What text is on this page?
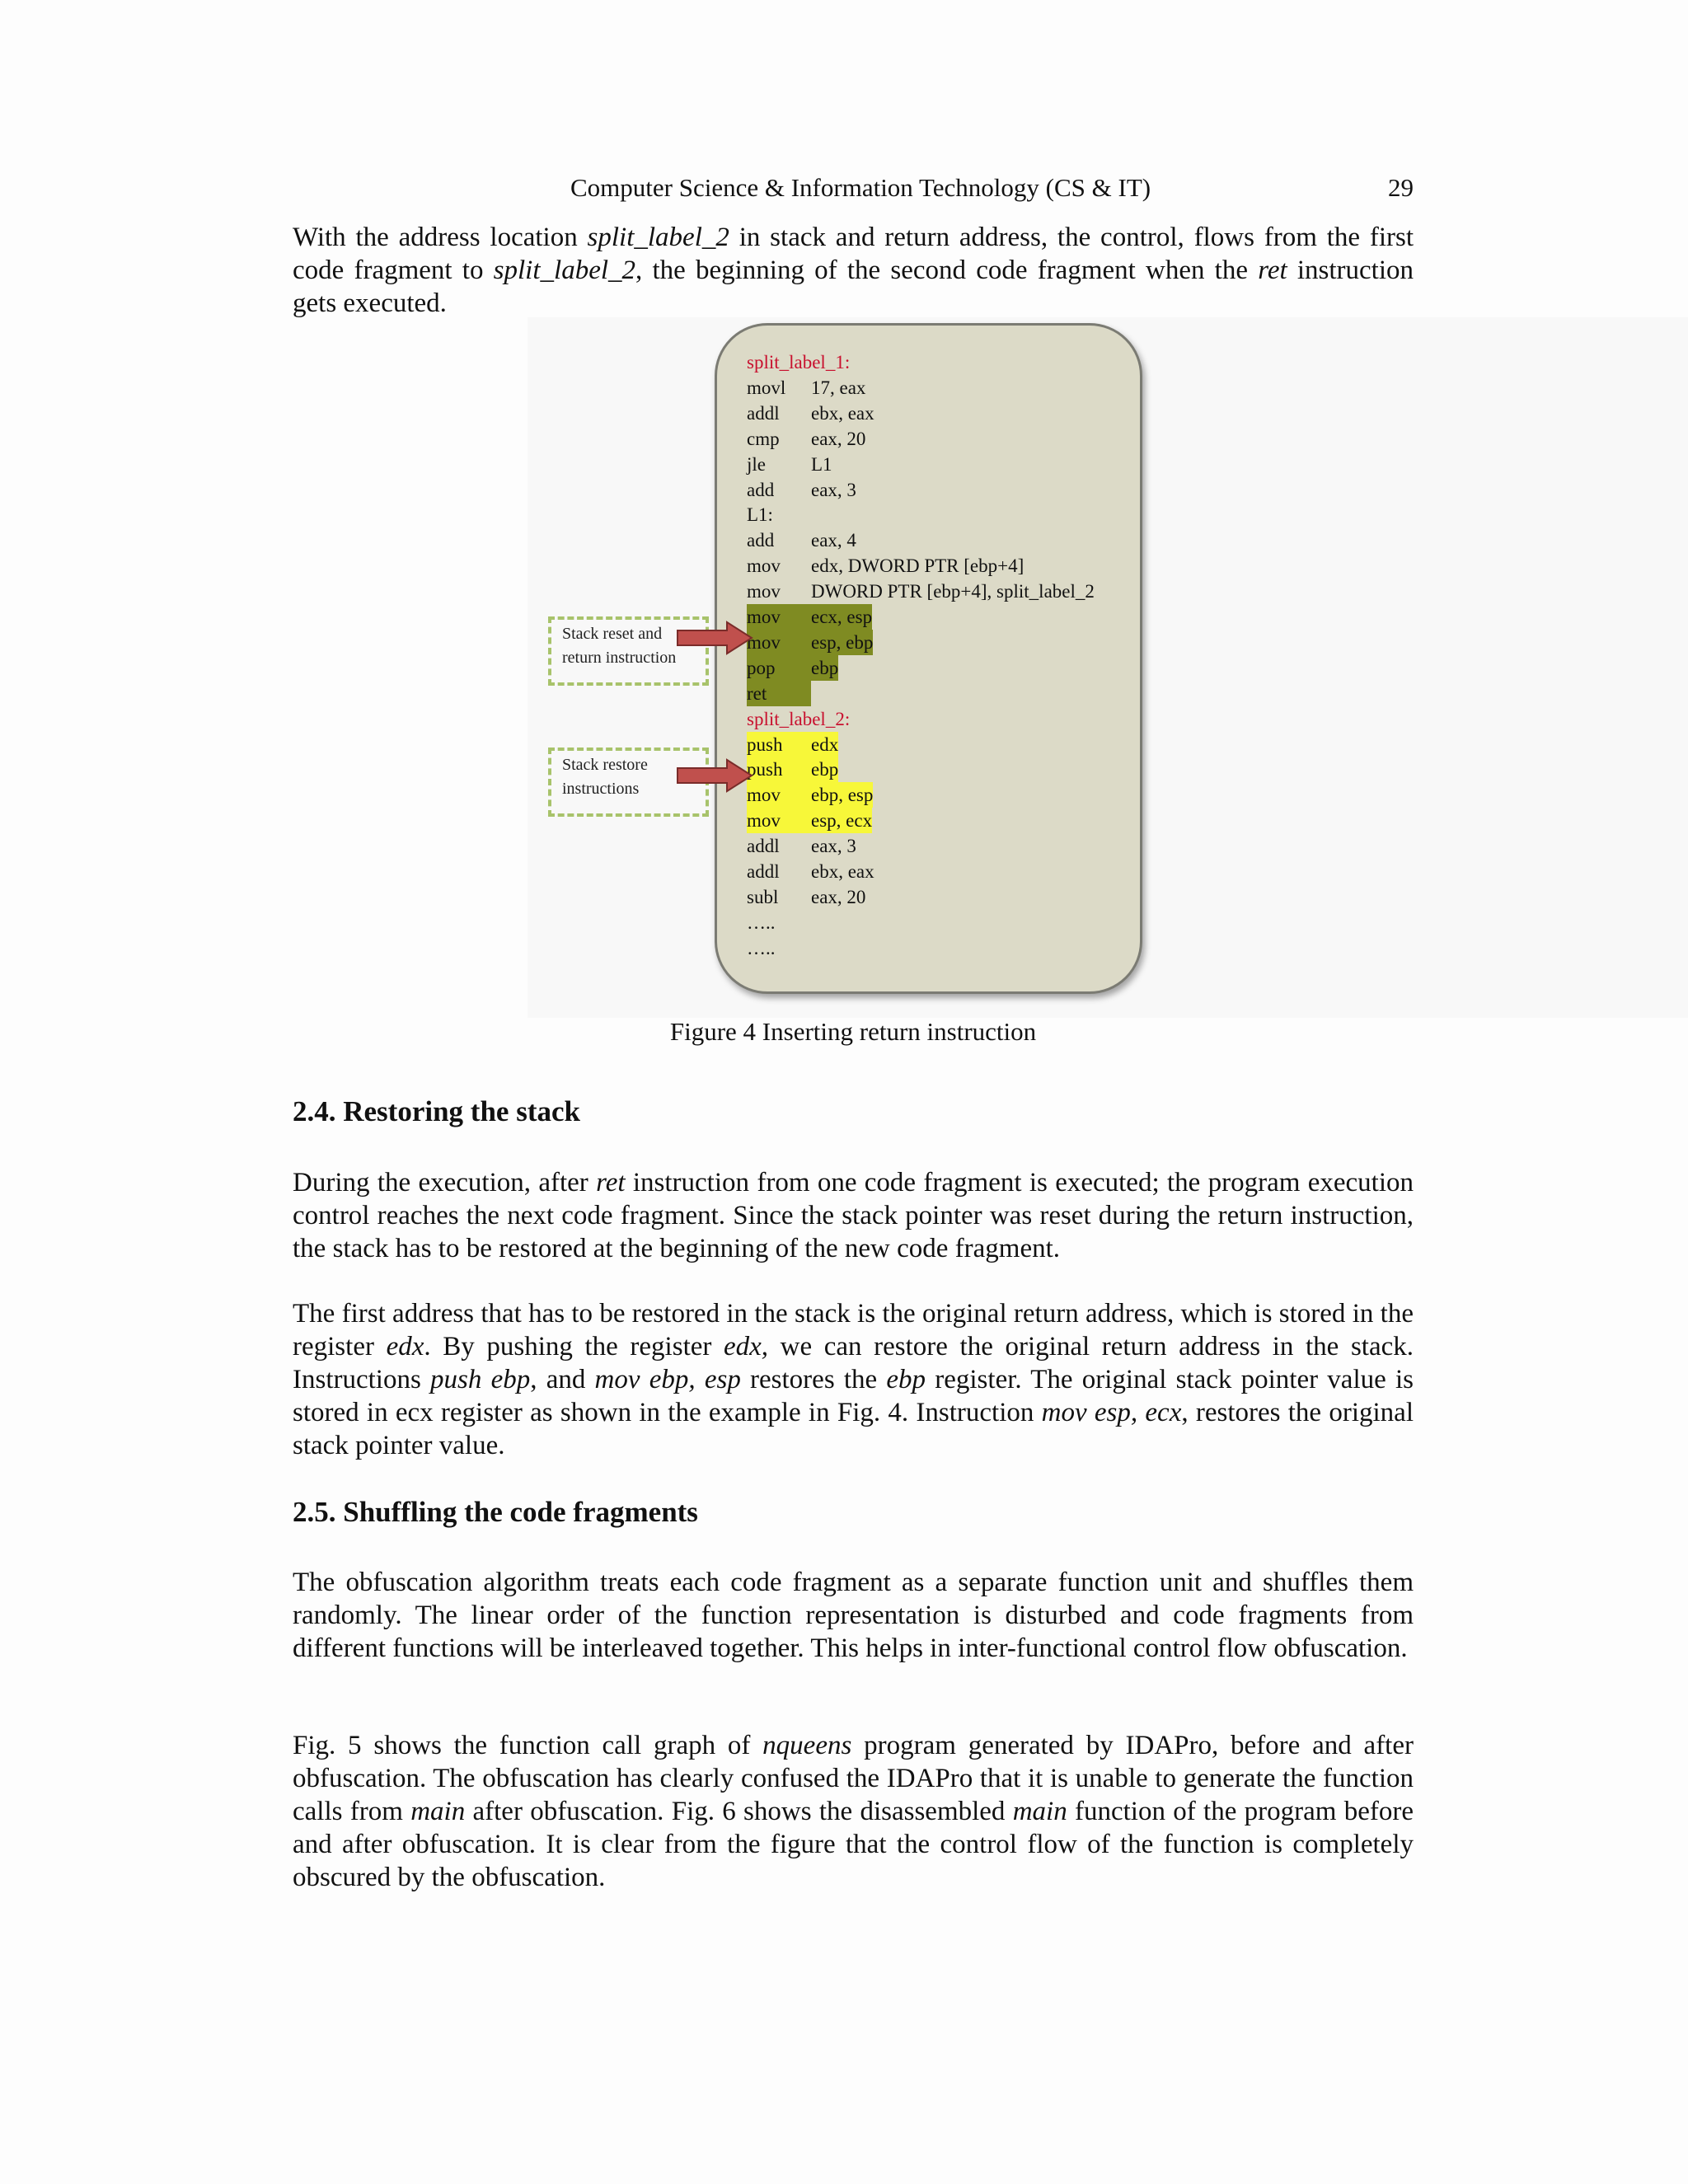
Computer Science & Information Technology (CS & IT)	29
With the address location split_label_2 in stack and return address, the control, flows from the first code fragment to split_label_2, the beginning of the second code fragment when the ret instruction gets executed.
split_label_1:
movl	17, eax
addl	ebx, eax
cmp	eax, 20
jle	L1
add	eax, 3
L1:
add	eax, 4
mov	edx, DWORD PTR [ebp+4]
mov	DWORD PTR [ebp+4], split_label_2
mov	ecx, esp
mov	esp, ebp
pop	ebp
ret
split_label_2:
push	edx
push	ebp
mov	ebp, esp
mov	esp, ecx
addl	eax, 3
addl	ebx, eax
subl	eax, 20
…..
…..
Stack reset and
return instruction
Stack restore
instructions
Figure 4 Inserting return instruction
2.4. Restoring the stack
During the execution, after ret instruction from one code fragment is executed; the program execution control reaches the next code fragment. Since the stack pointer was reset during the return instruction, the stack has to be restored at the beginning of the new code fragment.
The first address that has to be restored in the stack is the original return address, which is stored in the register edx. By pushing the register edx, we can restore the original return address in the stack. Instructions push ebp, and mov ebp, esp restores the ebp register. The original stack pointer value is stored in ecx register as shown in the example in Fig. 4. Instruction mov esp, ecx, restores the original stack pointer value.
2.5. Shuffling the code fragments
The obfuscation algorithm treats each code fragment as a separate function unit and shuffles them randomly. The linear order of the function representation is disturbed and code fragments from different functions will be interleaved together. This helps in inter-functional control flow obfuscation.
Fig. 5 shows the function call graph of nqueens program generated by IDAPro, before and after obfuscation. The obfuscation has clearly confused the IDAPro that it is unable to generate the function calls from main after obfuscation. Fig. 6 shows the disassembled main function of the program before and after obfuscation. It is clear from the figure that the control flow of the function is completely obscured by the obfuscation.
